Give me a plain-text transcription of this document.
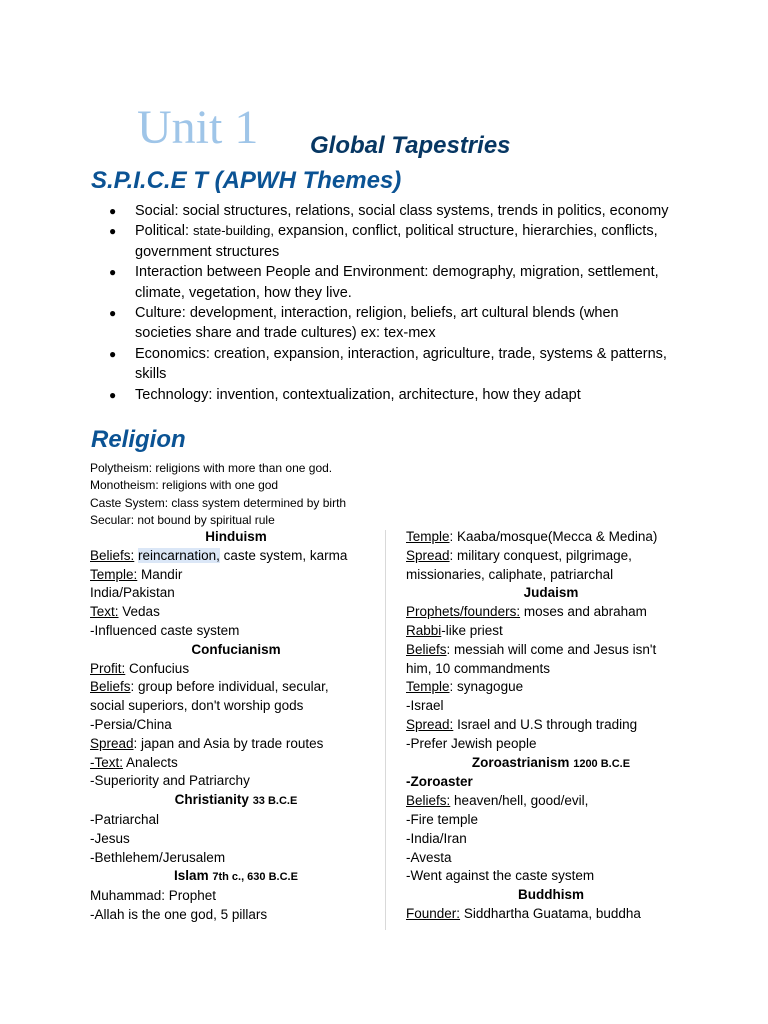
Unit 1 Global Tapestries
S.P.I.C.E T (APWH Themes)
● Social: social structures, relations, social class systems, trends in politics, economy
● Political: state-building, expansion, conflict, political structure, hierarchies, conflicts, government structures
● Interaction between People and Environment: demography, migration, settlement, climate, vegetation, how they live.
● Culture: development, interaction, religion, beliefs, art cultural blends (when societies share and trade cultures) ex: tex-mex
● Economics: creation, expansion, interaction, agriculture, trade, systems & patterns, skills
● Technology: invention, contextualization, architecture, how they adapt
Religion
Polytheism: religions with more than one god.
Monotheism: religions with one god
Caste System: class system determined by birth
Secular: not bound by spiritual rule
Hinduism
Beliefs: reincarnation, caste system, karma
Temple: Mandir
India/Pakistan
Text: Vedas
-Influenced caste system
Confucianism
Profit: Confucius
Beliefs: group before individual, secular,
social superiors, don't worship gods
-Persia/China
Spread: japan and Asia by trade routes
-Text: Analects
-Superiority and Patriarchy
Christianity 33 B.C.E
-Patriarchal
-Jesus
-Bethlehem/Jerusalem
Islam 7th c., 630 B.C.E
Muhammad: Prophet
-Allah is the one god, 5 pillars
Temple: Kaaba/mosque(Mecca & Medina)
Spread: military conquest, pilgrimage,
missionaries, caliphate, patriarchal
Judaism
Prophets/founders: moses and abraham
Rabbi-like priest
Beliefs: messiah will come and Jesus isn't
him, 10 commandments
Temple: synagogue
-Israel
Spread: Israel and U.S through trading
-Prefer Jewish people
Zoroastrianism 1200 B.C.E
-Zoroaster
Beliefs: heaven/hell, good/evil,
-Fire temple
-India/Iran
-Avesta
-Went against the caste system
Buddhism
Founder: Siddhartha Guatama, buddha
